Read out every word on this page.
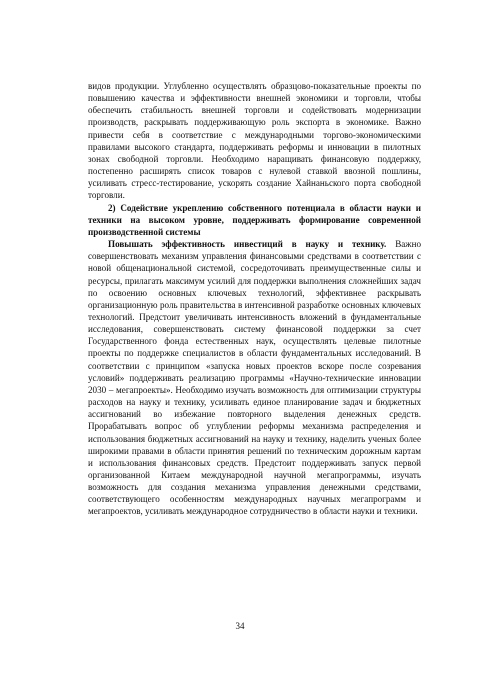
видов продукции. Углубленно осуществлять образцово-показательные проекты по повышению качества и эффективности внешней экономики и торговли, чтобы обеспечить стабильность внешней торговли и содействовать модернизации производств, раскрывать поддерживающую роль экспорта в экономике. Важно привести себя в соответствие с международными торгово-экономическими правилами высокого стандарта, поддерживать реформы и инновации в пилотных зонах свободной торговли. Необходимо наращивать финансовую поддержку, постепенно расширять список товаров с нулевой ставкой ввозной пошлины, усиливать стресс-тестирование, ускорять создание Хайнаньского порта свободной торговли.

2) Содействие укреплению собственного потенциала в области науки и техники на высоком уровне, поддерживать формирование современной производственной системы

Повышать эффективность инвестиций в науку и технику. Важно совершенствовать механизм управления финансовыми средствами в соответствии с новой общенациональной системой, сосредоточивать преимущественные силы и ресурсы, прилагать максимум усилий для поддержки выполнения сложнейших задач по освоению основных ключевых технологий, эффективнее раскрывать организационную роль правительства в интенсивной разработке основных ключевых технологий. Предстоит увеличивать интенсивность вложений в фундаментальные исследования, совершенствовать систему финансовой поддержки за счет Государственного фонда естественных наук, осуществлять целевые пилотные проекты по поддержке специалистов в области фундаментальных исследований. В соответствии с принципом «запуска новых проектов вскоре после созревания условий» поддерживать реализацию программы «Научно-технические инновации 2030 – мегапроекты». Необходимо изучать возможность для оптимизации структуры расходов на науку и технику, усиливать единое планирование задач и бюджетных ассигнований во избежание повторного выделения денежных средств. Прорабатывать вопрос об углублении реформы механизма распределения и использования бюджетных ассигнований на науку и технику, наделить ученых более широкими правами в области принятия решений по техническим дорожным картам и использования финансовых средств. Предстоит поддерживать запуск первой организованной Китаем международной научной мегапрограммы, изучать возможность для создания механизма управления денежными средствами, соответствующего особенностям международных научных мегапрограмм и мегапроектов, усиливать международное сотрудничество в области науки и техники.

34
